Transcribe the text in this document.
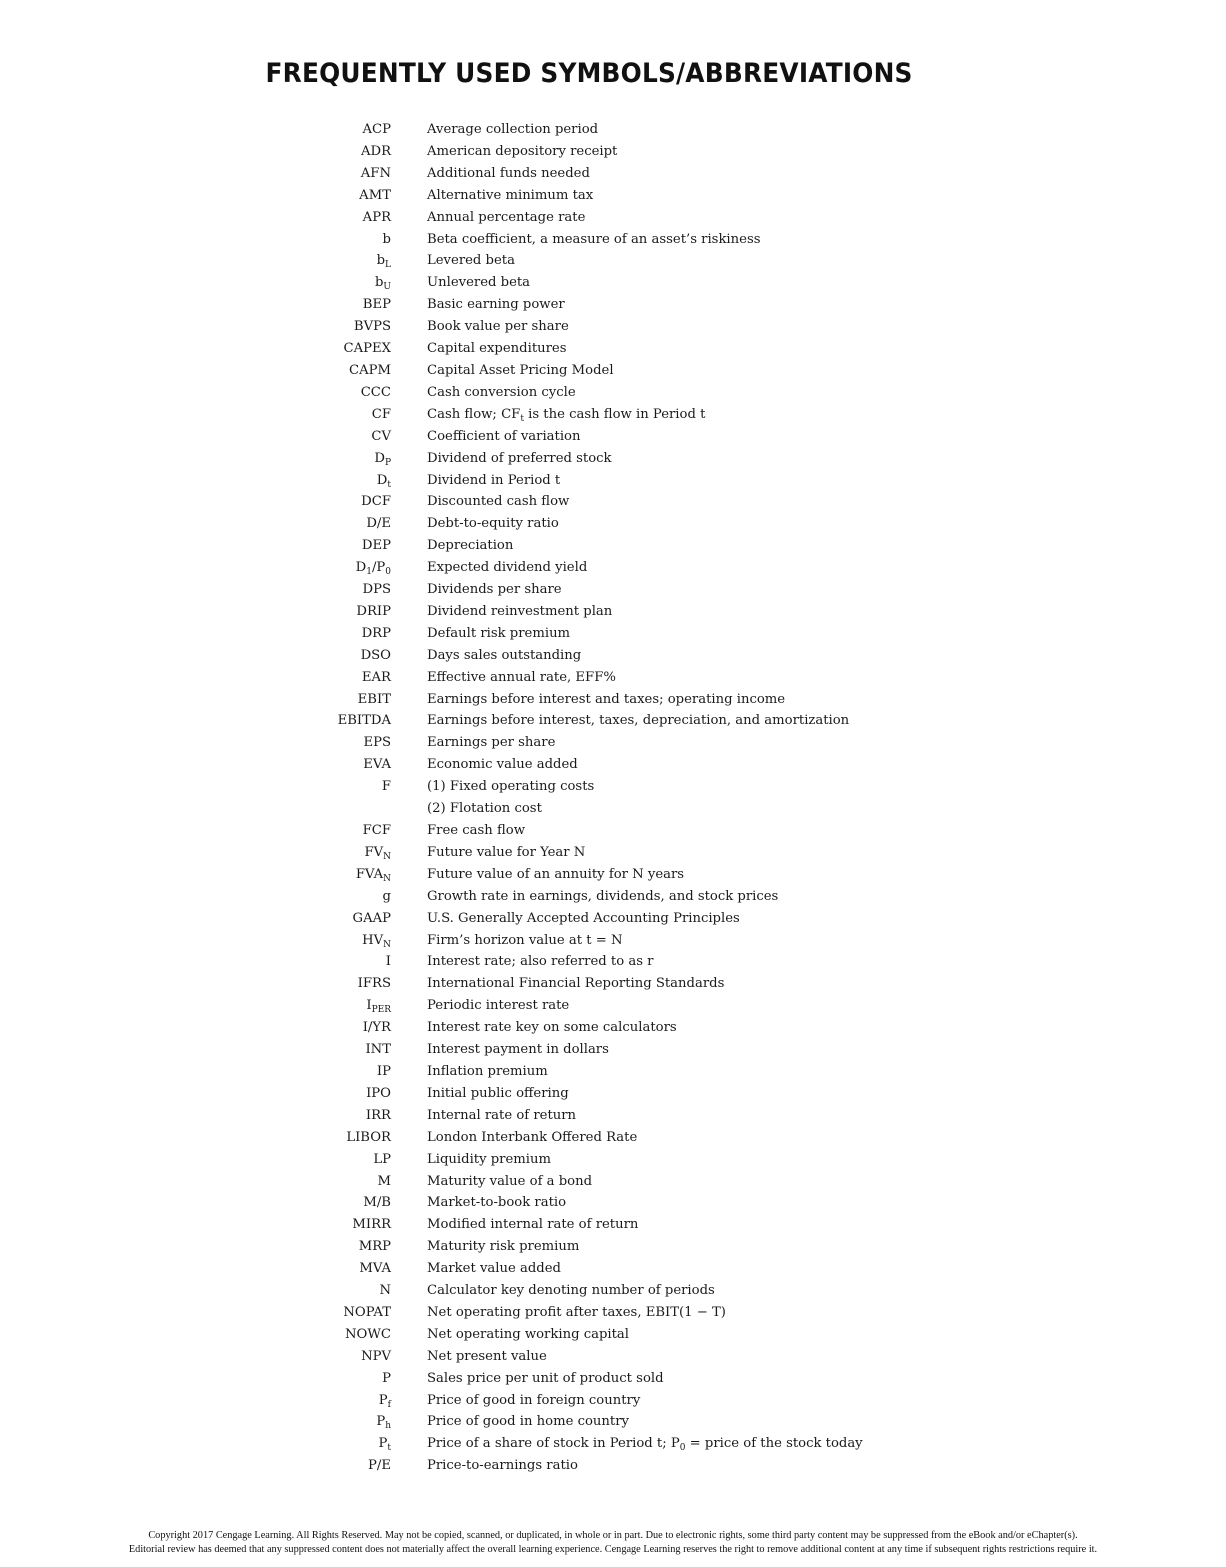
FREQUENTLY USED SYMBOLS/ABBREVIATIONS
ACP	Average collection period
ADR	American depository receipt
AFN	Additional funds needed
AMT	Alternative minimum tax
APR	Annual percentage rate
b	Beta coefficient, a measure of an asset’s riskiness
$b_L$	Levered beta
$b_U$	Unlevered beta
BEP	Basic earning power
BVPS	Book value per share
CAPEX	Capital expenditures
CAPM	Capital Asset Pricing Model
CCC	Cash conversion cycle
CF	Cash flow; $CF_t$ is the cash flow in Period t
CV	Coefficient of variation
$D_P$	Dividend of preferred stock
$D_t$	Dividend in Period t
DCF	Discounted cash flow
D/E	Debt-to-equity ratio
DEP	Depreciation
$D_1/P_0$	Expected dividend yield
DPS	Dividends per share
DRIP	Dividend reinvestment plan
DRP	Default risk premium
DSO	Days sales outstanding
EAR	Effective annual rate, EFF%
EBIT	Earnings before interest and taxes; operating income
EBITDA	Earnings before interest, taxes, depreciation, and amortization
EPS	Earnings per share
EVA	Economic value added
F	(1) Fixed operating costs
(2) Flotation cost
FCF	Free cash flow
$FV_N$	Future value for Year N
$FVA_N$	Future value of an annuity for N years
g	Growth rate in earnings, dividends, and stock prices
GAAP	U.S. Generally Accepted Accounting Principles
$HV_N$	Firm’s horizon value at t = N
I	Interest rate; also referred to as r
IFRS	International Financial Reporting Standards
$I_{PER}$	Periodic interest rate
I/YR	Interest rate key on some calculators
INT	Interest payment in dollars
IP	Inflation premium
IPO	Initial public offering
IRR	Internal rate of return
LIBOR	London Interbank Offered Rate
LP	Liquidity premium
M	Maturity value of a bond
M/B	Market-to-book ratio
MIRR	Modified internal rate of return
MRP	Maturity risk premium
MVA	Market value added
N	Calculator key denoting number of periods
NOPAT	Net operating profit after taxes, EBIT(1 − T)
NOWC	Net operating working capital
NPV	Net present value
P	Sales price per unit of product sold
$P_f$	Price of good in foreign country
$P_h$	Price of good in home country
$P_t$	Price of a share of stock in Period t; $P_0$ = price of the stock today
P/E	Price-to-earnings ratio
Copyright 2017 Cengage Learning. All Rights Reserved. May not be copied, scanned, or duplicated, in whole or in part. Due to electronic rights, some third party content may be suppressed from the eBook and/or eChapter(s).
Editorial review has deemed that any suppressed content does not materially affect the overall learning experience. Cengage Learning reserves the right to remove additional content at any time if subsequent rights restrictions require it.
